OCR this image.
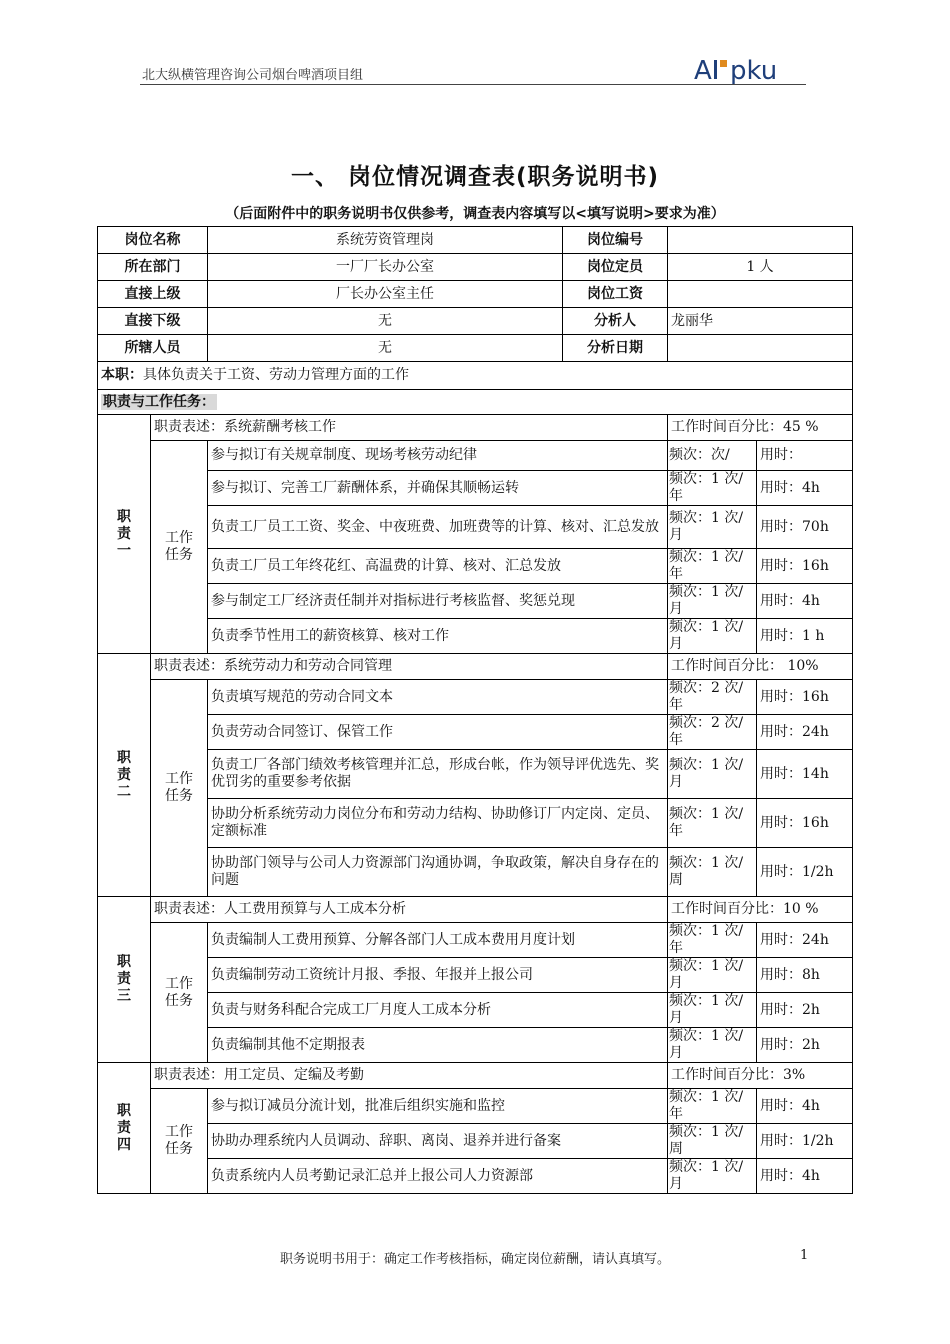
北大纵横管理咨询公司烟台啤酒项目组	A pku
一、 岗位情况调查表(职务说明书)
（后面附件中的职务说明书仅供参考，调查表内容填写以<填写说明>要求为准）
岗位名称		系统劳资管理岗	岗位编号		
所在部门		一厂厂长办公室	岗位定员	1 人	
直接上级		厂长办公室主任	岗位工资		
直接下级		无	分析人	龙丽华	
所辖人员		无	分析日期		
本职：具体负责关于工资、劳动力管理方面的工作					
职责与工作任务：					

职
责
一	职责表述：系统薪酬考核工作			工作时间百分比：45 %	

	工作
任务	参与拟订有关规章制度、现场考核劳动纪律		频次：次/	用时：
		参与拟订、完善工厂薪酬体系，并确保其顺畅运转		频次：1 次/年	用时：4h
		负责工厂员工工资、奖金、中夜班费、加班费等的计算、核对、汇总发放		频次：1 次/月	用时：70h
		负责工厂员工年终花红、高温费的计算、核对、汇总发放		频次：1 次/年	用时：16h
		参与制定工厂经济责任制并对指标进行考核监督、奖惩兑现		频次：1 次/月	用时：4h
		负责季节性用工的薪资核算、核对工作		频次：1 次/月	用时：1 h

职
责
二	职责表述：系统劳动力和劳动合同管理			工作时间百分比： 10%	

	工作
任务	负责填写规范的劳动合同文本		频次：2 次/年	用时：16h
		负责劳动合同签订、保管工作		频次：2 次/年	用时：24h
		负责工厂各部门绩效考核管理并汇总，形成台帐，作为领导评优选先、奖优罚劣的重要参考依据		频次：1 次/月	用时：14h
		协助分析系统劳动力岗位分布和劳动力结构、协助修订厂内定岗、定员、定额标准		频次：1 次/年	用时：16h
		协助部门领导与公司人力资源部门沟通协调，争取政策，解决自身存在的问题		频次：1 次/周	用时：1/2h

职
责
三	职责表述：人工费用预算与人工成本分析			工作时间百分比：10 %	

	工作
任务	负责编制人工费用预算、分解各部门人工成本费用月度计划		频次：1 次/年	用时：24h
		负责编制劳动工资统计月报、季报、年报并上报公司		频次：1 次/月	用时：8h
		负责与财务科配合完成工厂月度人工成本分析		频次：1 次/月	用时：2h
		负责编制其他不定期报表		频次：1 次/月	用时：2h

职
责
四	职责表述：用工定员、定编及考勤			工作时间百分比：3%	

	工作
任务	参与拟订减员分流计划，批准后组织实施和监控		频次：1 次/年	用时：4h
		协助办理系统内人员调动、辞职、离岗、退养并进行备案		频次：1 次/周	用时：1/2h
		负责系统内人员考勤记录汇总并上报公司人力资源部		频次：1 次/月	用时：4h
职务说明书用于：确定工作考核指标，确定岗位薪酬，请认真填写。	1
